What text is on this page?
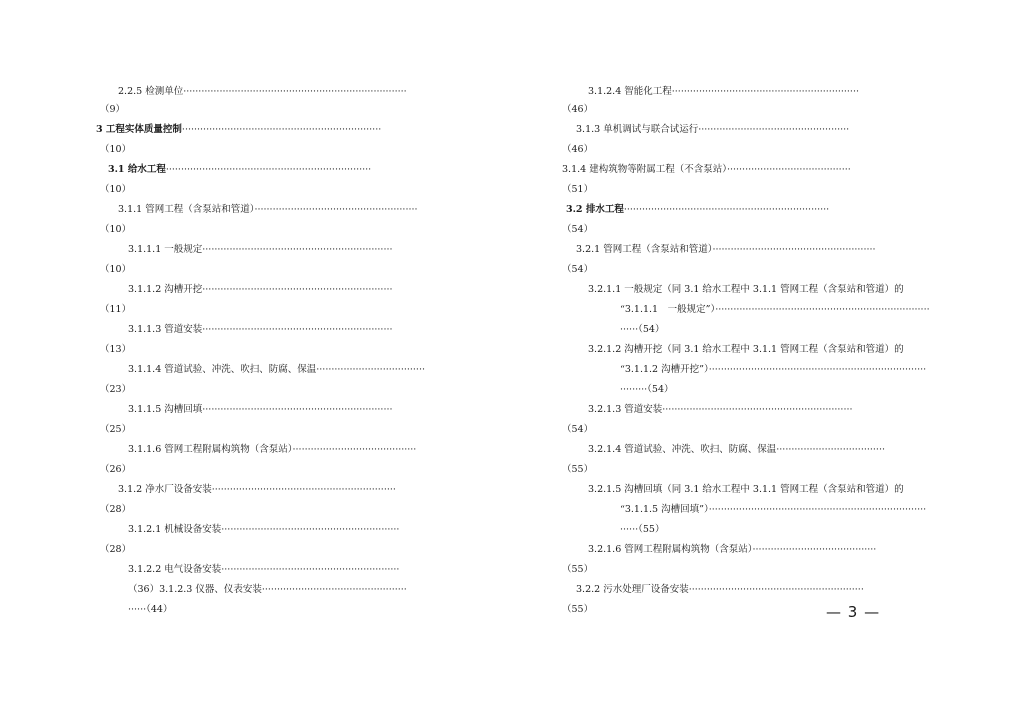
2.2.5 检测单位··········································································
（9）
3 工程实体质量控制··································································
（10）
3.1 给水工程····································································
（10）
3.1.1 管网工程（含泵站和管道）······················································
（10）
3.1.1.1 一般规定·······························································
（10）
3.1.1.2 沟槽开挖·······························································
（11）
3.1.1.3 管道安装·······························································
（13）
3.1.1.4 管道试验、冲洗、吹扫、防腐、保温····································
（23）
3.1.1.5 沟槽回填·······························································
（25）
3.1.1.6 管网工程附属构筑物（含泵站）·········································
（26）
3.1.2 净水厂设备安装·····························································
（28）
3.1.2.1 机械设备安装···························································
（28）
3.1.2.2 电气设备安装···························································
（36）3.1.2.3 仪器、仪表安装················································
······（44）
3.1.2.4 智能化工程······························································
（46）
3.1.3 单机调试与联合试运行··················································
（46）
3.1.4 建构筑物等附属工程（不含泵站）·········································
（51）
3.2 排水工程····································································
（54）
3.2.1 管网工程（含泵站和管道）······················································
（54）
3.2.1.1 一般规定（同 3.1 给水工程中 3.1.1 管网工程（含泵站和管道）的
“3.1.1.1　一般规定”）·······································································
······（54）
3.2.1.2 沟槽开挖（同 3.1 给水工程中 3.1.1 管网工程（含泵站和管道）的
“3.1.1.2 沟槽开挖”）········································································
·········（54）
3.2.1.3 管道安装·······························································
（54）
3.2.1.4 管道试验、冲洗、吹扫、防腐、保温····································
（55）
3.2.1.5 沟槽回填（同 3.1 给水工程中 3.1.1 管网工程（含泵站和管道）的
“3.1.1.5 沟槽回填”）········································································
······（55）
3.2.1.6 管网工程附属构筑物（含泵站）·········································
（55）
3.2.2 污水处理厂设备安装··························································
（55）	— 3 —
